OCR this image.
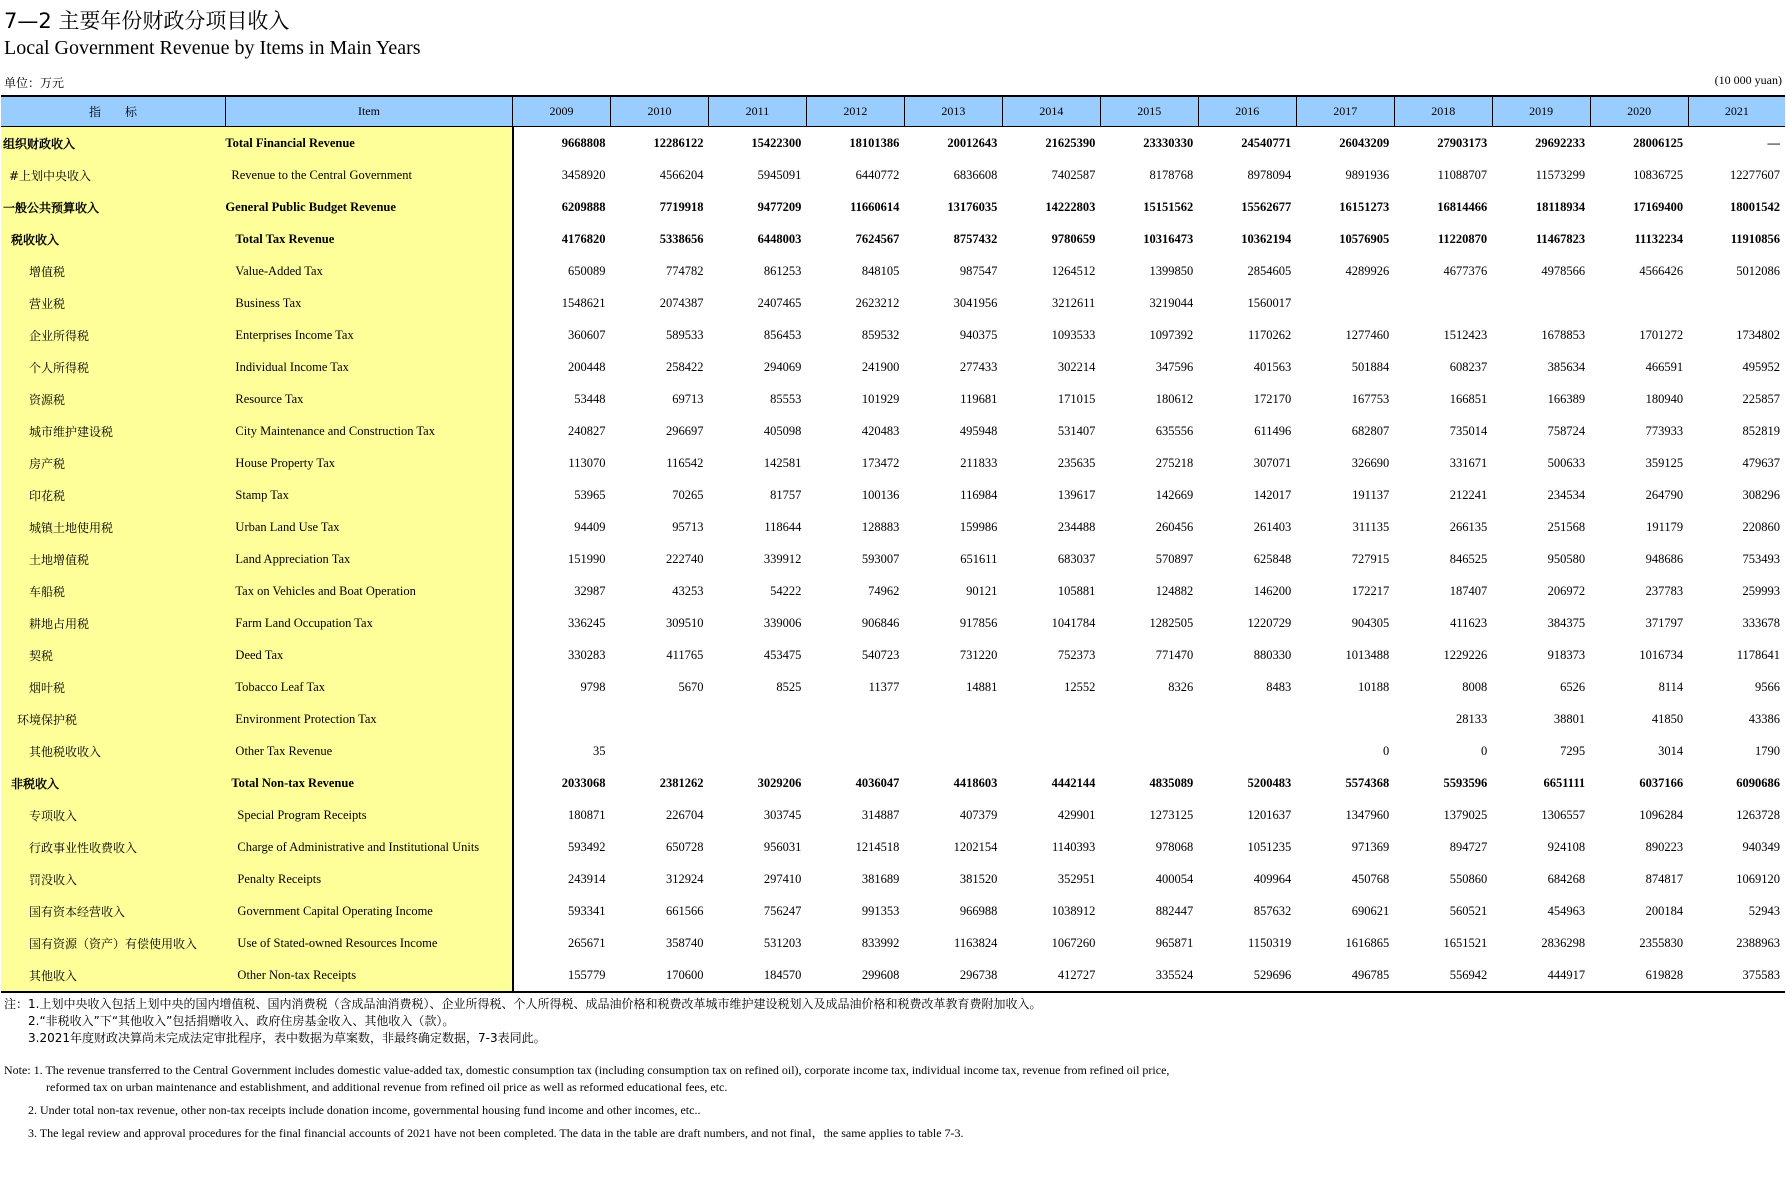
7—2 主要年份财政分项目收入
Local Government Revenue by Items in Main Years
单位：万元	(10 000 yuan)
指　　标	Item	2009	2010	2011	2012	2013	2014	2015	2016	2017	2018	2019	2020	2021
组织财政收入	Total Financial Revenue	9668808	12286122	15422300	18101386	20012643	21625390	23330330	24540771	26043209	27903173	29692233	28006125	—
#上划中央收入	Revenue to the Central Government	3458920	4566204	5945091	6440772	6836608	7402587	8178768	8978094	9891936	11088707	11573299	10836725	12277607
一般公共预算收入	General Public Budget Revenue	6209888	7719918	9477209	11660614	13176035	14222803	15151562	15562677	16151273	16814466	18118934	17169400	18001542
税收收入	Total Tax Revenue	4176820	5338656	6448003	7624567	8757432	9780659	10316473	10362194	10576905	11220870	11467823	11132234	11910856
增值税	Value-Added Tax	650089	774782	861253	848105	987547	1264512	1399850	2854605	4289926	4677376	4978566	4566426	5012086
营业税	Business Tax	1548621	2074387	2407465	2623212	3041956	3212611	3219044	1560017					
企业所得税	Enterprises Income Tax	360607	589533	856453	859532	940375	1093533	1097392	1170262	1277460	1512423	1678853	1701272	1734802
个人所得税	Individual Income Tax	200448	258422	294069	241900	277433	302214	347596	401563	501884	608237	385634	466591	495952
资源税	Resource Tax	53448	69713	85553	101929	119681	171015	180612	172170	167753	166851	166389	180940	225857
城市维护建设税	City Maintenance and Construction Tax	240827	296697	405098	420483	495948	531407	635556	611496	682807	735014	758724	773933	852819
房产税	House Property Tax	113070	116542	142581	173472	211833	235635	275218	307071	326690	331671	500633	359125	479637
印花税	Stamp Tax	53965	70265	81757	100136	116984	139617	142669	142017	191137	212241	234534	264790	308296
城镇土地使用税	Urban Land Use Tax	94409	95713	118644	128883	159986	234488	260456	261403	311135	266135	251568	191179	220860
土地增值税	Land Appreciation Tax	151990	222740	339912	593007	651611	683037	570897	625848	727915	846525	950580	948686	753493
车船税	Tax on Vehicles and Boat Operation	32987	43253	54222	74962	90121	105881	124882	146200	172217	187407	206972	237783	259993
耕地占用税	Farm Land Occupation Tax	336245	309510	339006	906846	917856	1041784	1282505	1220729	904305	411623	384375	371797	333678
契税	Deed Tax	330283	411765	453475	540723	731220	752373	771470	880330	1013488	1229226	918373	1016734	1178641
烟叶税	Tobacco Leaf Tax	9798	5670	8525	11377	14881	12552	8326	8483	10188	8008	6526	8114	9566
环境保护税	Environment Protection Tax										28133	38801	41850	43386
其他税收收入	Other Tax Revenue	35								0	0	7295	3014	1790
非税收入	Total Non-tax Revenue	2033068	2381262	3029206	4036047	4418603	4442144	4835089	5200483	5574368	5593596	6651111	6037166	6090686
专项收入	Special Program Receipts	180871	226704	303745	314887	407379	429901	1273125	1201637	1347960	1379025	1306557	1096284	1263728
行政事业性收费收入	Charge of Administrative and Institutional Units	593492	650728	956031	1214518	1202154	1140393	978068	1051235	971369	894727	924108	890223	940349
罚没收入	Penalty Receipts	243914	312924	297410	381689	381520	352951	400054	409964	450768	550860	684268	874817	1069120
国有资本经营收入	Government Capital Operating Income	593341	661566	756247	991353	966988	1038912	882447	857632	690621	560521	454963	200184	52943
国有资源（资产）有偿使用收入	Use of Stated-owned Resources Income	265671	358740	531203	833992	1163824	1067260	965871	1150319	1616865	1651521	2836298	2355830	2388963
其他收入	Other Non-tax Receipts	155779	170600	184570	299608	296738	412727	335524	529696	496785	556942	444917	619828	375583
注：1.上划中央收入包括上划中央的国内增值税、国内消费税（含成品油消费税）、企业所得税、个人所得税、成品油价格和税费改革城市维护建设税划入及成品油价格和税费改革教育费附加收入。
2.“非税收入”下“其他收入”包括捐赠收入、政府住房基金收入、其他收入（款）。
3.2021年度财政决算尚未完成法定审批程序，表中数据为草案数，非最终确定数据，7-3表同此。
Note: 1. The revenue transferred to the Central Government includes domestic value-added tax, domestic consumption tax (including consumption tax on refined oil), corporate income tax, individual income tax, revenue from refined oil price,
reformed tax on urban maintenance and establishment, and additional revenue from refined oil price as well as reformed educational fees, etc.
2. Under total non-tax revenue, other non-tax receipts include donation income, governmental housing fund income and other incomes, etc..
3. The legal review and approval procedures for the final financial accounts of 2021 have not been completed. The data in the table are draft numbers, and not final，the same applies to table 7-3.
